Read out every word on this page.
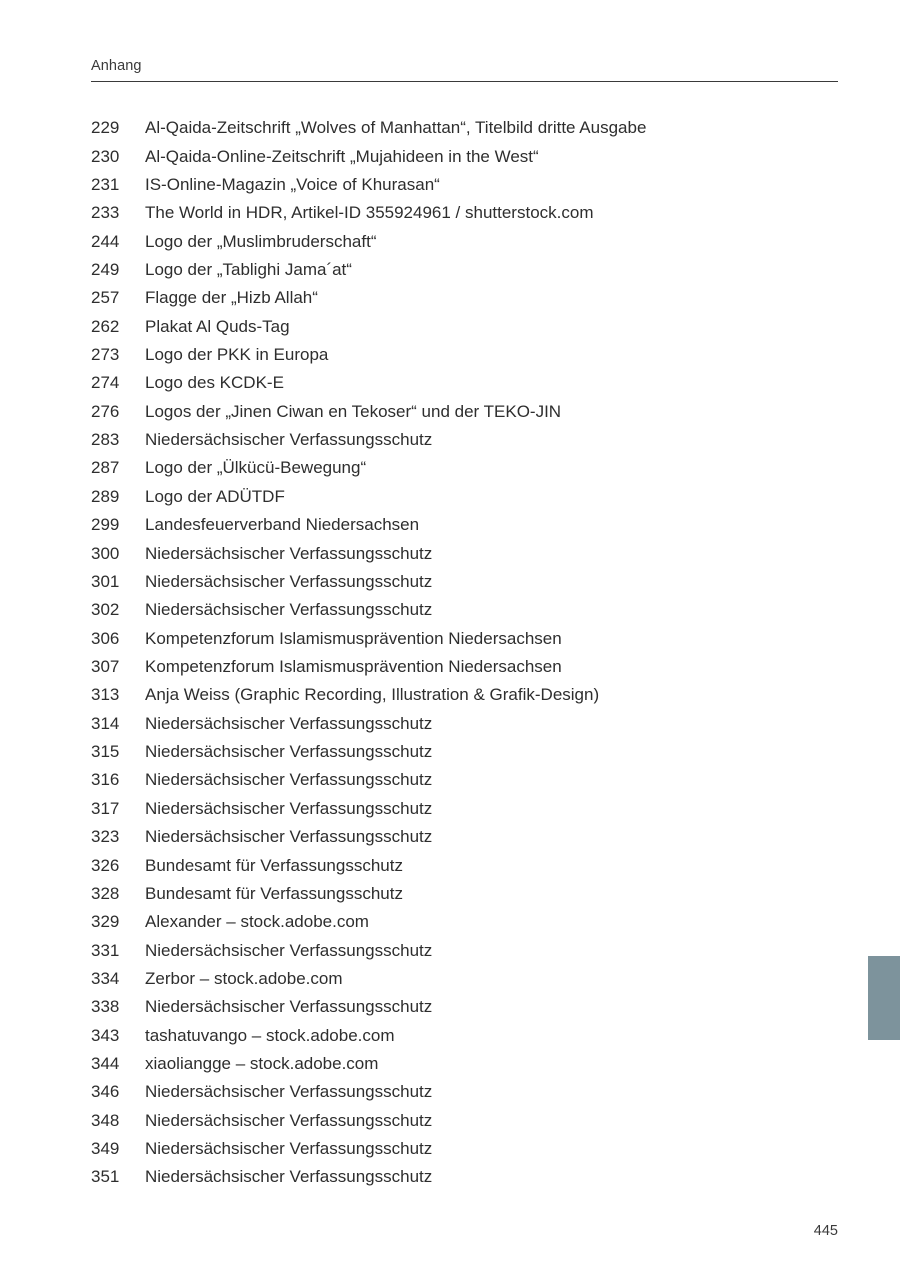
Anhang
229	Al-Qaida-Zeitschrift „Wolves of Manhattan“, Titelbild dritte Ausgabe
230	Al-Qaida-Online-Zeitschrift „Mujahideen in the West“
231	IS-Online-Magazin „Voice of Khurasan“
233	The World in HDR, Artikel-ID 355924961 / shutterstock.com
244	Logo der „Muslimbruderschaft“
249	Logo der „Tablighi Jama´at“
257	Flagge der „Hizb Allah“
262	Plakat Al Quds-Tag
273	Logo der PKK in Europa
274	Logo des KCDK-E
276	Logos der „Jinen Ciwan en Tekoser“ und der TEKO-JIN
283	Niedersächsischer Verfassungsschutz
287	Logo der „Ülkücü-Bewegung“
289	Logo der ADÜTDF
299	Landesfeuerverband Niedersachsen
300	Niedersächsischer Verfassungsschutz
301	Niedersächsischer Verfassungsschutz
302	Niedersächsischer Verfassungsschutz
306	Kompetenzforum Islamismusprävention Niedersachsen
307	Kompetenzforum Islamismusprävention Niedersachsen
313	Anja Weiss (Graphic Recording, Illustration & Grafik-Design)
314	Niedersächsischer Verfassungsschutz
315	Niedersächsischer Verfassungsschutz
316	Niedersächsischer Verfassungsschutz
317	Niedersächsischer Verfassungsschutz
323	Niedersächsischer Verfassungsschutz
326	Bundesamt für Verfassungsschutz
328	Bundesamt für Verfassungsschutz
329	Alexander – stock.adobe.com
331	Niedersächsischer Verfassungsschutz
334	Zerbor – stock.adobe.com
338	Niedersächsischer Verfassungsschutz
343	tashatuvango – stock.adobe.com
344	xiaoliangge – stock.adobe.com
346	Niedersächsischer Verfassungsschutz
348	Niedersächsischer Verfassungsschutz
349	Niedersächsischer Verfassungsschutz
351	Niedersächsischer Verfassungsschutz
445
